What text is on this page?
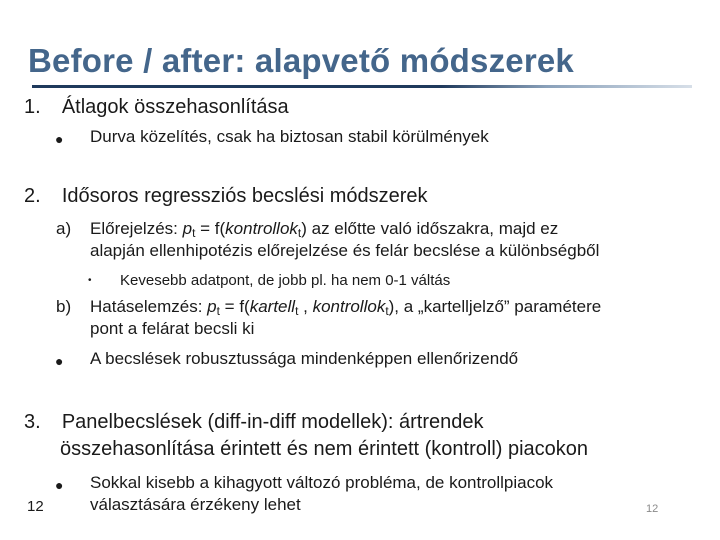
Before / after: alapvető módszerek
1. Átlagok összehasonlítása
● Durva közelítés, csak ha biztosan stabil körülmények
2. Idősoros regressziós becslési módszerek
a) Előrejelzés: $p_t$ = f(kontrollok$_t$) az előtte való időszakra, majd ez
alapján ellenhipotézis előrejelzése és felár becslése a különbségből
• Kevesebb adatpont, de jobb pl. ha nem 0-1 váltás
b) Hatáselemzés: $p_t$ = f(kartell$_t$ , kontrollok$_t$), a „kartelljelző” paramétere
pont a felárat becsli ki
● A becslések robusztussága mindenképpen ellenőrizendő
3. Panelbecslések (diff-in-diff modellek): ártrendek
összehasonlítása érintett és nem érintett (kontroll) piacokon
● Sokkal kisebb a kihagyott változó probléma, de kontrollpiacok
választására érzékeny lehet
12	12
